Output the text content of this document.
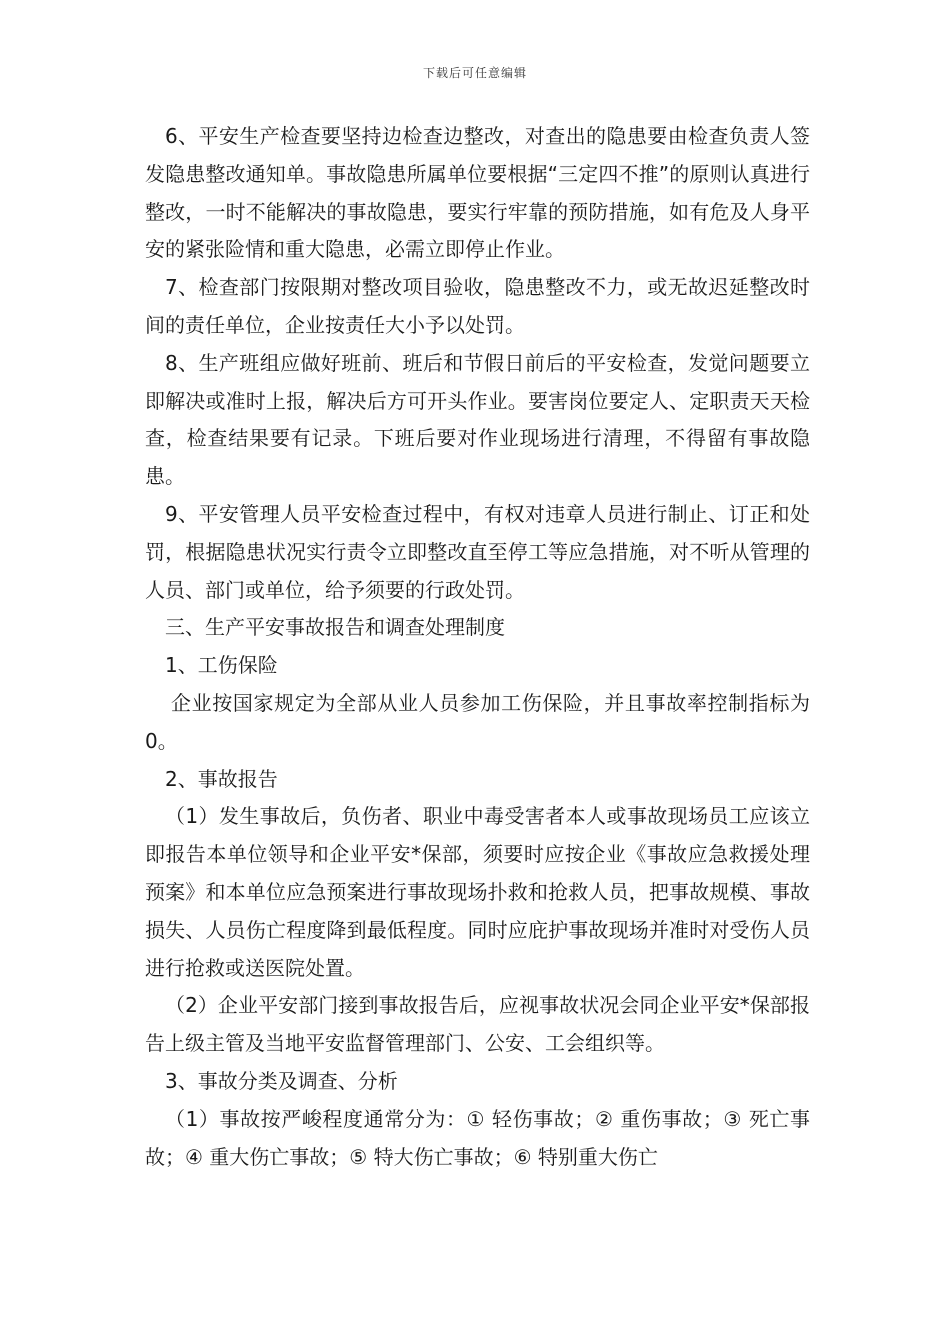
下载后可任意编辑

6、平安生产检查要坚持边检查边整改，对查出的隐患要由检查负责人签发隐患整改通知单。事故隐患所属单位要根据“三定四不推”的原则认真进行整改，一时不能解决的事故隐患，要实行牢靠的预防措施，如有危及人身平安的紧张险情和重大隐患，必需立即停止作业。

7、检查部门按限期对整改项目验收，隐患整改不力，或无故迟延整改时间的责任单位，企业按责任大小予以处罚。

8、生产班组应做好班前、班后和节假日前后的平安检查，发觉问题要立即解决或准时上报，解决后方可开头作业。要害岗位要定人、定职责天天检查，检查结果要有记录。下班后要对作业现场进行清理，不得留有事故隐患。

9、平安管理人员平安检查过程中，有权对违章人员进行制止、订正和处罚，根据隐患状况实行责令立即整改直至停工等应急措施，对不听从管理的人员、部门或单位，给予须要的行政处罚。

三、生产平安事故报告和调查处理制度

1、工伤保险

企业按国家规定为全部从业人员参加工伤保险，并且事故率控制指标为0。

2、事故报告

（1）发生事故后，负伤者、职业中毒受害者本人或事故现场员工应该立即报告本单位领导和企业平安*保部，须要时应按企业《事故应急救援处理预案》和本单位应急预案进行事故现场扑救和抢救人员，把事故规模、事故损失、人员伤亡程度降到最低程度。同时应庇护事故现场并准时对受伤人员进行抢救或送医院处置。

（2）企业平安部门接到事故报告后，应视事故状况会同企业平安*保部报告上级主管及当地平安监督管理部门、公安、工会组织等。

3、事故分类及调查、分析

（1）事故按严峻程度通常分为：① 轻伤事故；② 重伤事故；③ 死亡事故；④ 重大伤亡事故；⑤ 特大伤亡事故；⑥ 特别重大伤亡
